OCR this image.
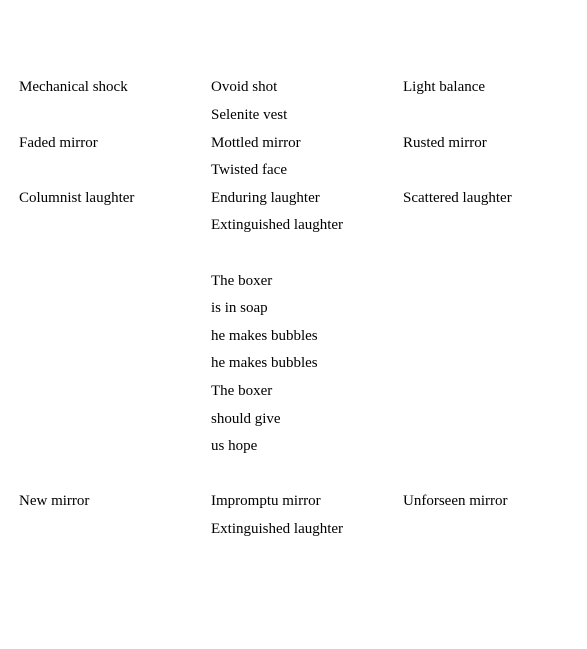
Mechanical shock	Ovoid shot	Light balance
Selenite vest
Faded mirror	Mottled mirror	Rusted mirror
Twisted face
Columnist laughter	Enduring laughter	Scattered laughter
Extinguished laughter
The boxer
is in soap
he makes bubbles
he makes bubbles
The boxer
should give
us hope
New mirror	Impromptu mirror	Unforseen mirror
Extinguished laughter
